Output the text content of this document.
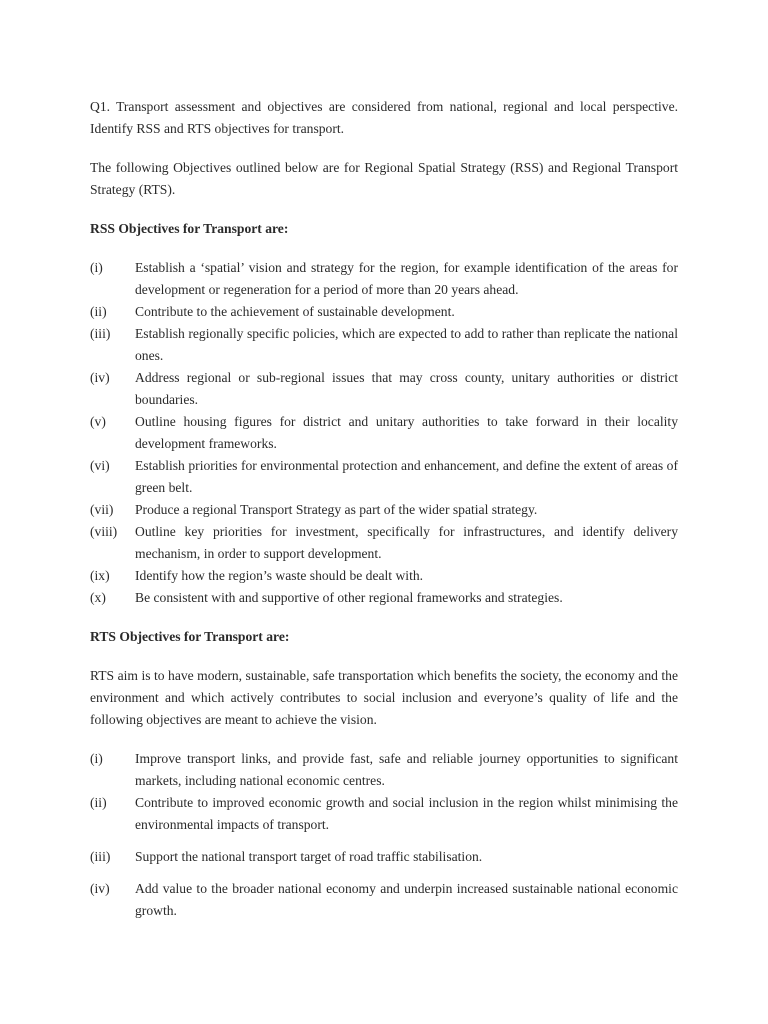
Q1. Transport assessment and objectives are considered from national, regional and local perspective. Identify RSS and RTS objectives for transport.

The following Objectives outlined below are for Regional Spatial Strategy (RSS) and Regional Transport Strategy (RTS).

RSS Objectives for Transport are:

(i)	Establish a ‘spatial’ vision and strategy for the region, for example identification of the areas for development or regeneration for a period of more than 20 years ahead.
(ii)	Contribute to the achievement of sustainable development.
(iii)	Establish regionally specific policies, which are expected to add to rather than replicate the national ones.
(iv)	Address regional or sub-regional issues that may cross county, unitary authorities or district boundaries.
(v)	Outline housing figures for district and unitary authorities to take forward in their locality development frameworks.
(vi)	Establish priorities for environmental protection and enhancement, and define the extent of areas of green belt.
(vii)	Produce a regional Transport Strategy as part of the wider spatial strategy.
(viii)	Outline key priorities for investment, specifically for infrastructures, and identify delivery mechanism, in order to support development.
(ix)	Identify how the region’s waste should be dealt with.
(x)	Be consistent with and supportive of other regional frameworks and strategies.

RTS Objectives for Transport are:

RTS aim is to have modern, sustainable, safe transportation which benefits the society, the economy and the environment and which actively contributes to social inclusion and everyone’s quality of life and the following objectives are meant to achieve the vision.

(i)	Improve transport links, and provide fast, safe and reliable journey opportunities to significant markets, including national economic centres.
(ii)	Contribute to improved economic growth and social inclusion in the region whilst minimising the environmental impacts of transport.
(iii)	Support the national transport target of road traffic stabilisation.
(iv)	Add value to the broader national economy and underpin increased sustainable national economic growth.
